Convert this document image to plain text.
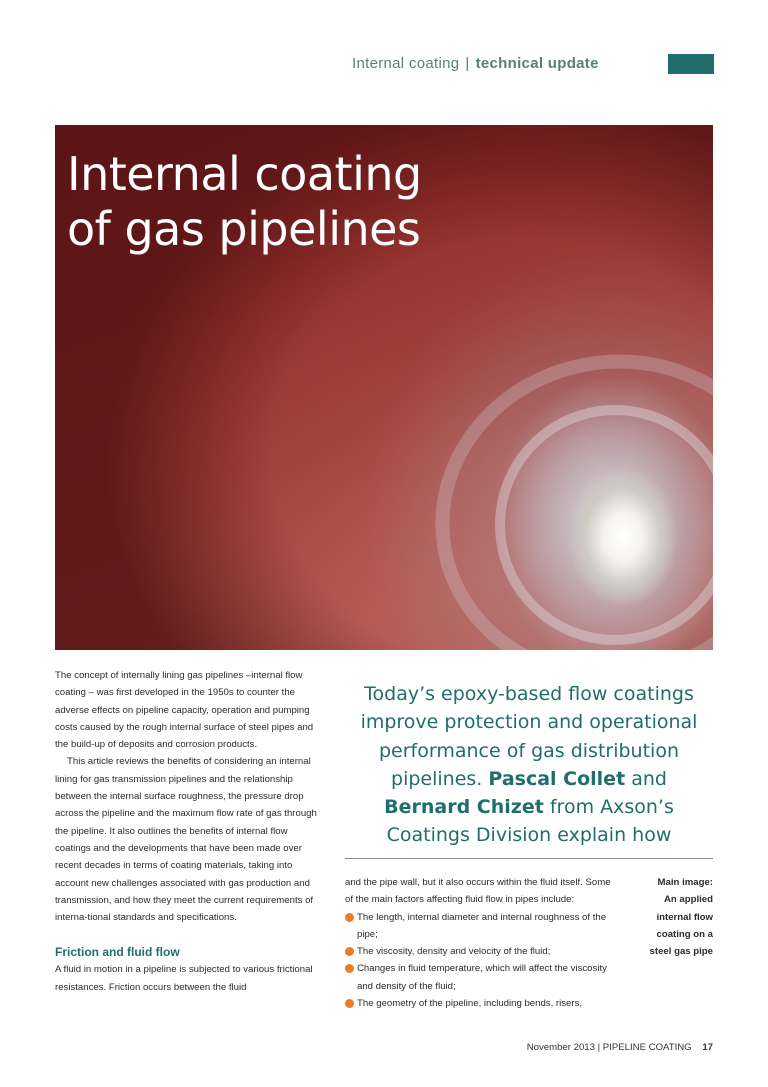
Internal coating | technical update
Internal coating
of gas pipelines

The concept of internally lining gas pipelines –internal flow coating – was first developed in the 1950s to counter the adverse effects on pipeline capacity, operation and pumping costs caused by the rough internal surface of steel pipes and the build-up of deposits and corrosion products.

This article reviews the benefits of considering an internal lining for gas transmission pipelines and the relationship between the internal surface roughness, the pressure drop across the pipeline and the maximum flow rate of gas through the pipeline. It also outlines the benefits of internal flow coatings and the developments that have been made over recent decades in terms of coating materials, taking into account new challenges associated with gas production and transmission, and how they meet the current requirements of interna-tional standards and specifications.

Friction and fluid flow

A fluid in motion in a pipeline is subjected to various frictional resistances. Friction occurs between the fluid

Today’s epoxy-based flow coatings improve protection and operational performance of gas distribution pipelines. Pascal Collet and Bernard Chizet from Axson’s Coatings Division explain how

and the pipe wall, but it also occurs within the fluid itself. Some of the main factors affecting fluid flow in pipes include:

The length, internal diameter and internal roughness of the pipe;
The viscosity, density and velocity of the fluid;
Changes in fluid temperature, which will affect the viscosity and density of the fluid;
The geometry of the pipeline, including bends, risers,
Main image:
An applied
internal flow
coating on a
steel gas pipe
November 2013 | PIPELINE COATING 17
